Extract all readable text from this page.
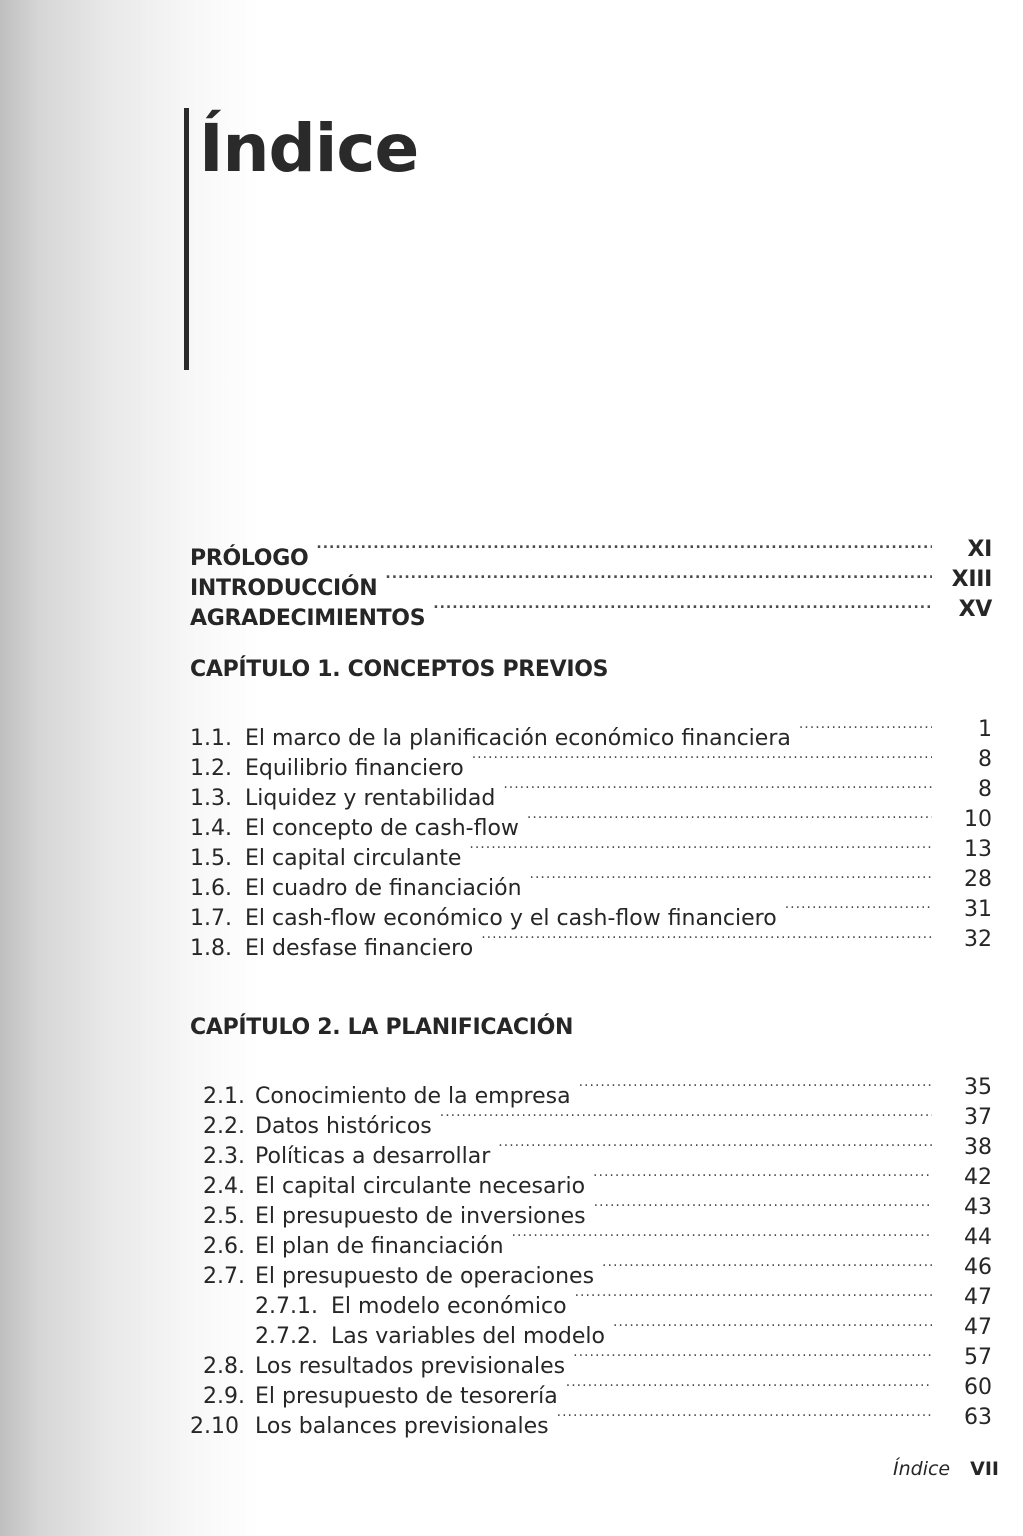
Índice
PRÓLOGO .....	XI
INTRODUCCIÓN .....	XIII
AGRADECIMIENTOS .....	XV
CAPÍTULO 1. CONCEPTOS PREVIOS
1.1. El marco de la planificación económico financiera .....	1
1.2. Equilibrio financiero .....	8
1.3. Liquidez y rentabilidad .....	8
1.4. El concepto de cash-flow .....	10
1.5. El capital circulante .....	13
1.6. El cuadro de financiación .....	28
1.7. El cash-flow económico y el cash-flow financiero .....	31
1.8. El desfase financiero .....	32
CAPÍTULO 2. LA PLANIFICACIÓN
2.1. Conocimiento de la empresa .....	35
2.2. Datos históricos .....	37
2.3. Políticas a desarrollar .....	38
2.4. El capital circulante necesario .....	42
2.5. El presupuesto de inversiones .....	43
2.6. El plan de financiación .....	44
2.7. El presupuesto de operaciones .....	46
2.7.1. El modelo económico .....	47
2.7.2. Las variables del modelo .....	47
2.8. Los resultados previsionales .....	57
2.9. El presupuesto de tesorería .....	60
2.10 Los balances previsionales .....	63
Índice VII
